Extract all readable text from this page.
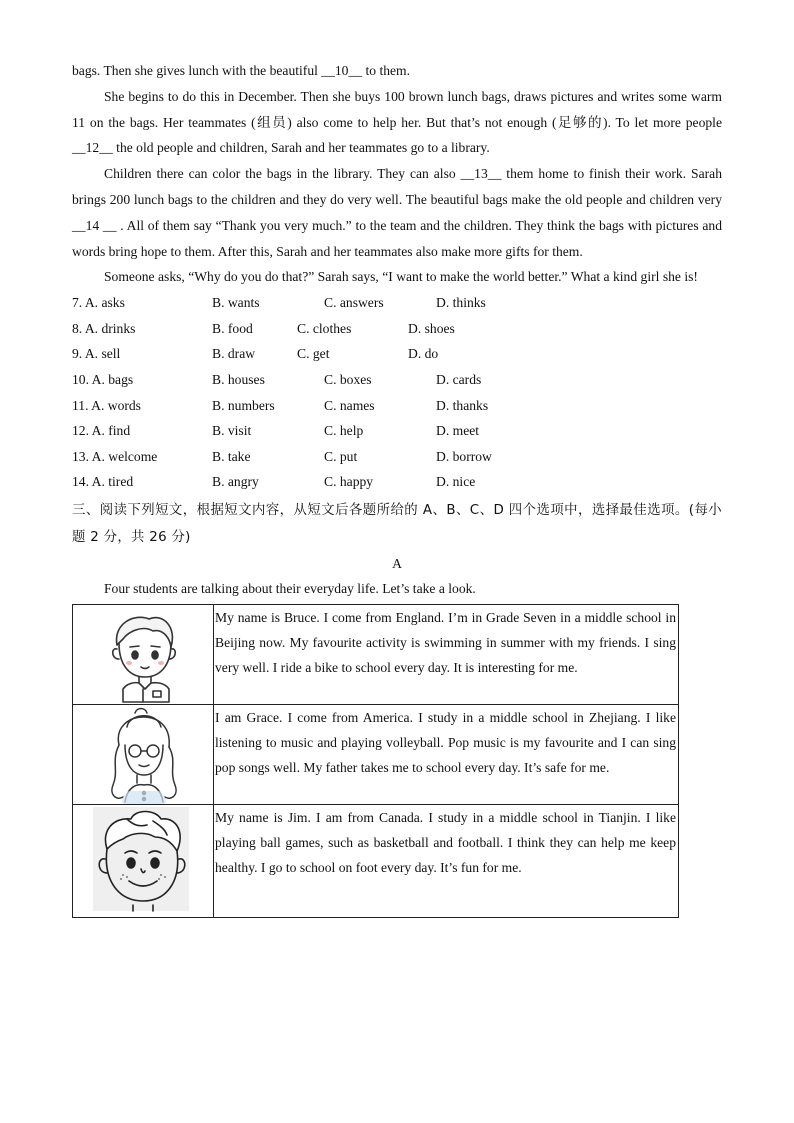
bags. Then she gives lunch with the beautiful __10__ to them.
She begins to do this in December. Then she buys 100 brown lunch bags, draws pictures and writes some warm 11 on the bags. Her teammates (组员) also come to help her. But that’s not enough (足够的). To let more people __12__ the old people and children, Sarah and her teammates go to a library.
Children there can color the bags in the library. They can also __13__ them home to finish their work. Sarah brings 200 lunch bags to the children and they do very well. The beautiful bags make the old people and children very __14 __ . All of them say “Thank you very much.” to the team and the children. They think the bags with pictures and words bring hope to them. After this, Sarah and her teammates also make more gifts for them.
Someone asks, “Why do you do that?” Sarah says, “I want to make the world better.” What a kind girl she is!
7. A. asks	B. wants	C. answers	D. thinks
8. A. drinks	B. food	C. clothes	D. shoes
9. A. sell	B. draw	C. get	D. do
10. A. bags	B. houses	C. boxes	D. cards
11. A. words	B. numbers	C. names	D. thanks
12. A. find	B. visit	C. help	D. meet
13. A. welcome	B. take	C. put	D. borrow
14. A. tired	B. angry	C. happy	D. nice
三、阅读下列短文，根据短文内容，从短文后各题所给的 A、B、C、D 四个选项中，选择最佳选项。(每小题 2 分，共 26 分)
A
Four students are talking about their everyday life. Let’s take a look.

My name is Bruce. I come from England. I’m in Grade Seven in a middle school in Beijing now. My favourite activity is swimming in summer with my friends. I sing very well. I ride a bike to school every day. It is interesting for me.

I am Grace. I come from America. I study in a middle school in Zhejiang. I like listening to music and playing volleyball. Pop music is my favourite and I can sing pop songs well. My father takes me to school every day. It’s safe for me.

My name is Jim. I am from Canada. I study in a middle school in Tianjin. I like playing ball games, such as basketball and football. I think they can help me keep healthy. I go to school on foot every day. It’s fun for me.
